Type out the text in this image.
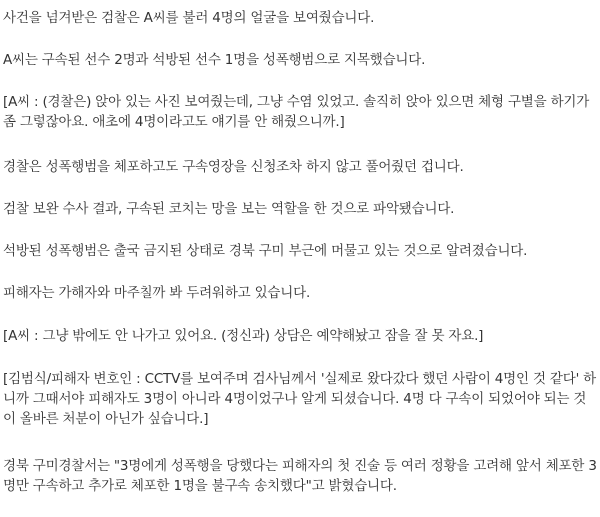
사건을 넘겨받은 검찰은 A씨를 불러 4명의 얼굴을 보여줬습니다.

A씨는 구속된 선수 2명과 석방된 선수 1명을 성폭행범으로 지목했습니다.

[A씨 : (경찰은) 앉아 있는 사진 보여줬는데, 그냥 수염 있었고. 솔직히 앉아 있으면 체형 구별을 하기가
좀 그렇잖아요. 애초에 4명이라고도 얘기를 안 해줬으니까.]

경찰은 성폭행범을 체포하고도 구속영장을 신청조차 하지 않고 풀어줬던 겁니다.

검찰 보완 수사 결과, 구속된 코치는 망을 보는 역할을 한 것으로 파악됐습니다.

석방된 성폭행범은 출국 금지된 상태로 경북 구미 부근에 머물고 있는 것으로 알려졌습니다.

피해자는 가해자와 마주칠까 봐 두려워하고 있습니다.

[A씨 : 그냥 밖에도 안 나가고 있어요. (정신과) 상담은 예약해놨고 잠을 잘 못 자요.]

[김범식/피해자 변호인 : CCTV를 보여주며 검사님께서 '실제로 왔다갔다 했던 사람이 4명인 것 같다' 하
니까 그때서야 피해자도 3명이 아니라 4명이었구나 알게 되셨습니다. 4명 다 구속이 되었어야 되는 것
이 올바른 처분이 아닌가 싶습니다.]

경북 구미경찰서는 "3명에게 성폭행을 당했다는 피해자의 첫 진술 등 여러 정황을 고려해 앞서 체포한 3
명만 구속하고 추가로 체포한 1명을 불구속 송치했다"고 밝혔습니다.
